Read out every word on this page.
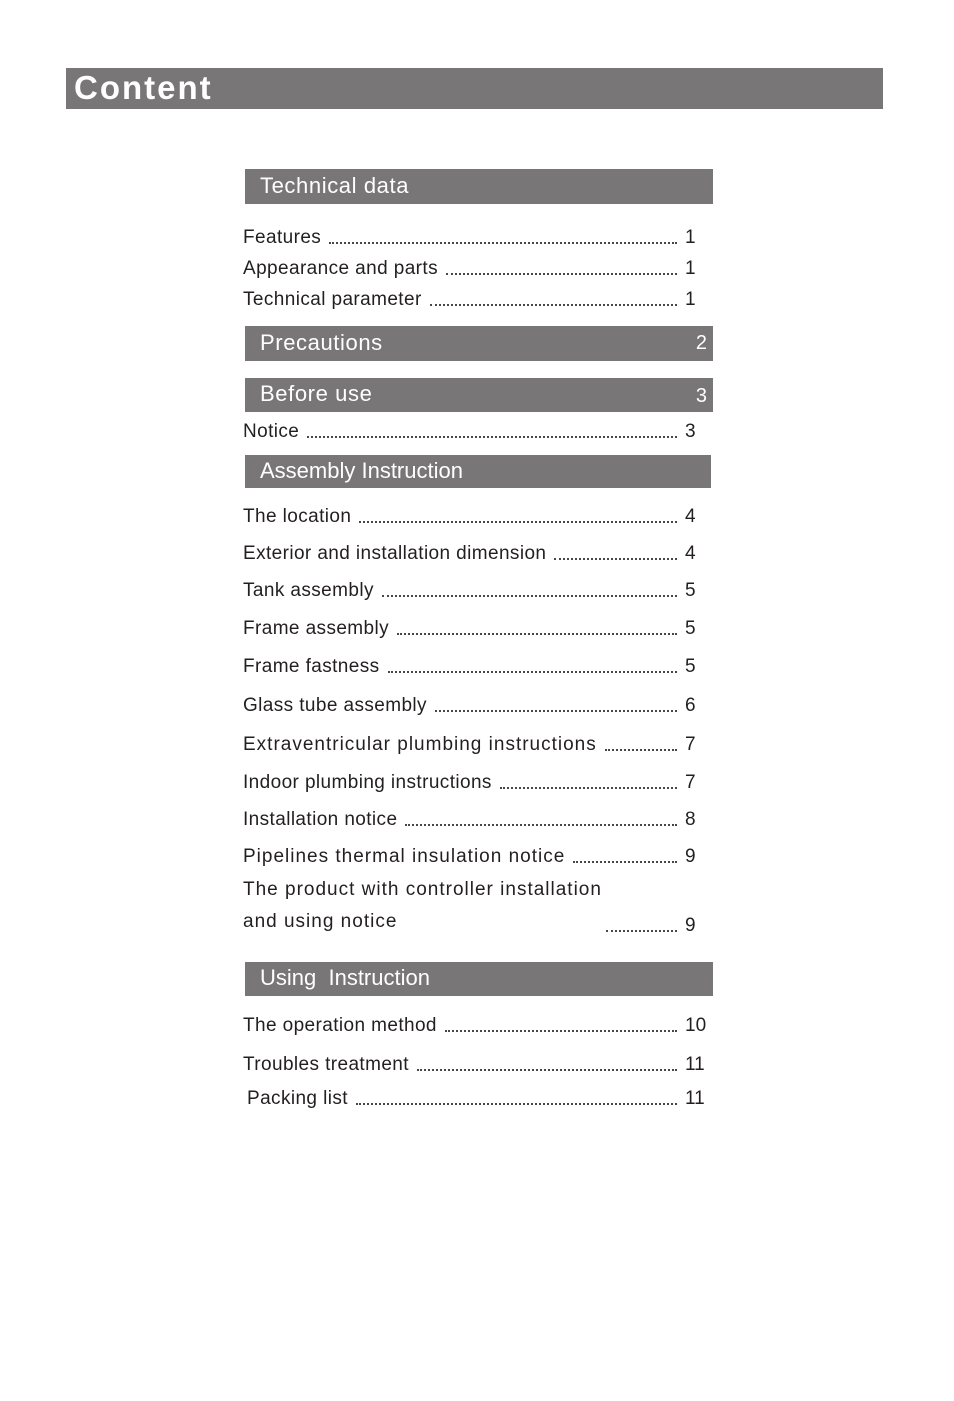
Content
Technical data
Features	1
Appearance and parts	1
Technical parameter	1
Precautions	2
Before use	3
Notice	3
Assembly Instruction
The location	4
Exterior and installation dimension	4
Tank assembly	5
Frame assembly	5
Frame fastness	5
Glass tube assembly	6
Extraventricular plumbing instructions	7
Indoor plumbing instructions	7
Installation notice	8
Pipelines thermal insulation notice	9
The product with controller installation
and using notice	9
Using  Instruction
The operation method	10
Troubles treatment	11
Packing list	11
